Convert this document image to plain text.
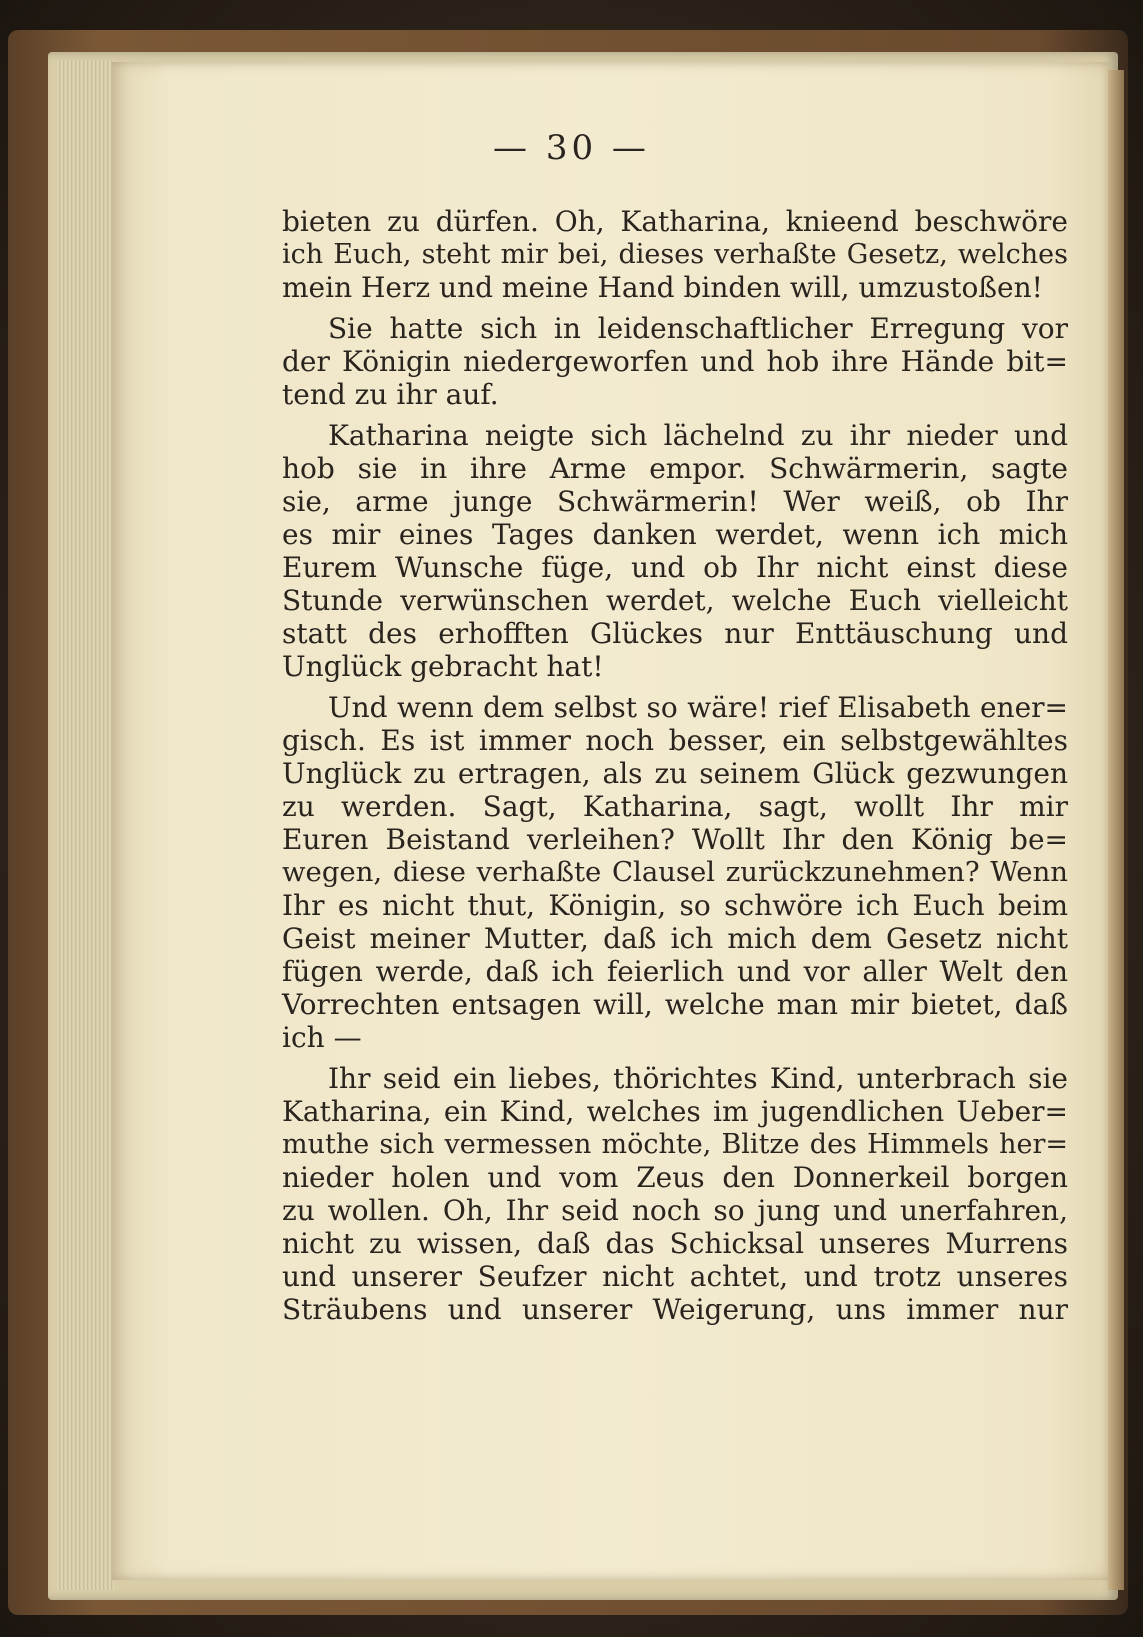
— 30 —
bieten zu dürfen. Oh, Katharina, knieend beschwöre
ich Euch, steht mir bei, dieses verhaßte Gesetz, welches
mein Herz und meine Hand binden will, umzustoßen!
Sie hatte sich in leidenschaftlicher Erregung vor
der Königin niedergeworfen und hob ihre Hände bit=
tend zu ihr auf.
Katharina neigte sich lächelnd zu ihr nieder und
hob sie in ihre Arme empor. Schwärmerin, sagte
sie, arme junge Schwärmerin! Wer weiß, ob Ihr
es mir eines Tages danken werdet, wenn ich mich
Eurem Wunsche füge, und ob Ihr nicht einst diese
Stunde verwünschen werdet, welche Euch vielleicht
statt des erhofften Glückes nur Enttäuschung und
Unglück gebracht hat!
Und wenn dem selbst so wäre! rief Elisabeth ener=
gisch. Es ist immer noch besser, ein selbstgewähltes
Unglück zu ertragen, als zu seinem Glück gezwungen
zu werden. Sagt, Katharina, sagt, wollt Ihr mir
Euren Beistand verleihen? Wollt Ihr den König be=
wegen, diese verhaßte Clausel zurückzunehmen? Wenn
Ihr es nicht thut, Königin, so schwöre ich Euch beim
Geist meiner Mutter, daß ich mich dem Gesetz nicht
fügen werde, daß ich feierlich und vor aller Welt den
Vorrechten entsagen will, welche man mir bietet, daß
ich —
Ihr seid ein liebes, thörichtes Kind, unterbrach sie
Katharina, ein Kind, welches im jugendlichen Ueber=
muthe sich vermessen möchte, Blitze des Himmels her=
nieder holen und vom Zeus den Donnerkeil borgen
zu wollen. Oh, Ihr seid noch so jung und unerfahren,
nicht zu wissen, daß das Schicksal unseres Murrens
und unserer Seufzer nicht achtet, und trotz unseres
Sträubens und unserer Weigerung, uns immer nur
